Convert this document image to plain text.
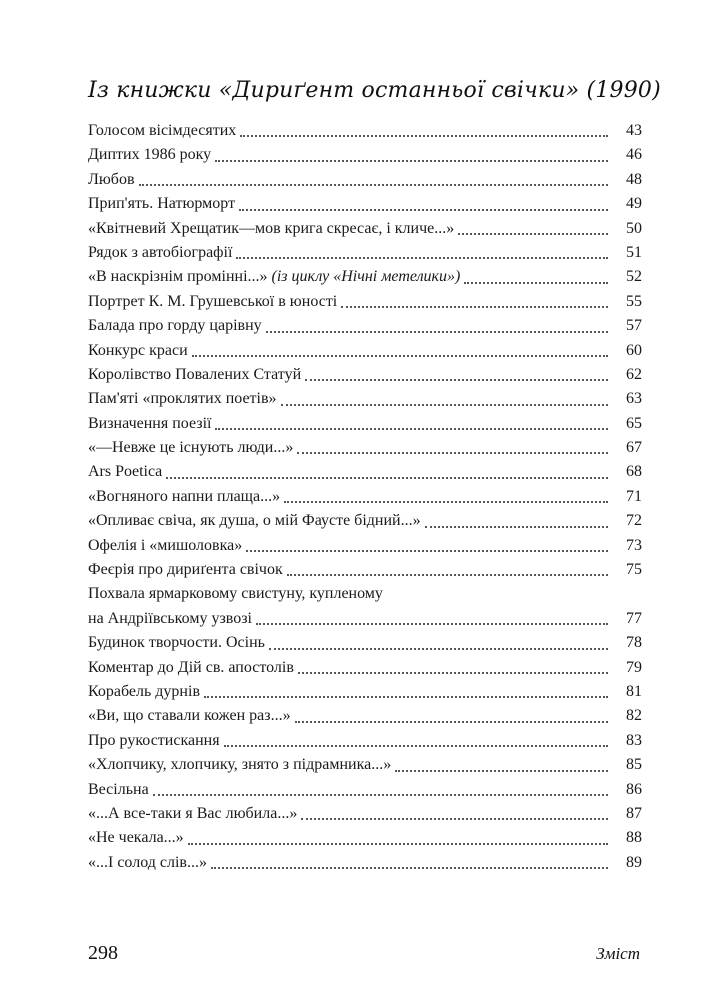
Із книжки «Дириґент останньої свічки» (1990)
Голосом вісімдесятих	43
Диптих 1986 року	46
Любов	48
Прип'ять. Натюрморт	49
«Квітневий Хрещатик—мов крига скресає, і кличе...»	50
Рядок з автобіографії	51
«В наскрізнім промінні...» (із циклу «Нічні метелики»)	52
Портрет К. М. Грушевської в юності	55
Балада про горду царівну	57
Конкурс краси	60
Королівство Повалених Статуй	62
Пам'яті «проклятих поетів»	63
Визначення поезії	65
«—Невже це існують люди...»	67
Ars Poetica	68
«Вогняного напни плаща...»	71
«Опливає свіча, як душа, о мій Фаусте бідний...»	72
Офелія і «мишоловка»	73
Феєрія про дириґента свічок	75
Похвала ярмарковому свистуну, купленому
на Андріївському узвозі	77
Будинок творчости. Осінь	78
Коментар до Дій св. апостолів	79
Корабель дурнів	81
«Ви, що ставали кожен раз...»	82
Про рукостискання	83
«Хлопчику, хлопчику, знято з підрамника...»	85
Весільна	86
«...А все-таки я Вас любила...»	87
«Не чекала...»	88
«...І солод слів...»	89
298	Зміст
